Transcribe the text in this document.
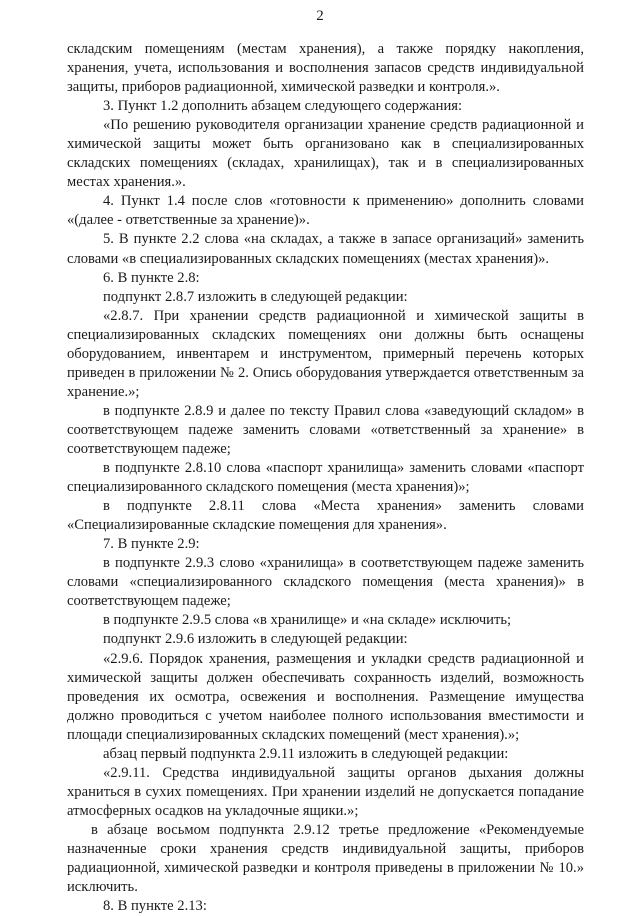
2

складским помещениям (местам хранения), а также порядку накопления, хранения, учета, использования и восполнения запасов средств индивидуальной защиты, приборов радиационной, химической разведки и контроля.».

3. Пункт 1.2 дополнить абзацем следующего содержания:

«По решению руководителя организации хранение средств радиационной и химической защиты может быть организовано как в специализированных складских помещениях (складах, хранилищах), так и в специализированных местах хранения.».

4. Пункт 1.4 после слов «готовности к применению» дополнить словами «(далее - ответственные за хранение)».

5. В пункте 2.2 слова «на складах, а также в запасе организаций» заменить словами «в специализированных складских помещениях (местах хранения)».

6. В пункте 2.8:

подпункт 2.8.7 изложить в следующей редакции:

«2.8.7. При хранении средств радиационной и химической защиты в специализированных складских помещениях они должны быть оснащены оборудованием, инвентарем и инструментом, примерный перечень которых приведен в приложении № 2. Опись оборудования утверждается ответственным за хранение.»;

в подпункте 2.8.9 и далее по тексту Правил слова «заведующий складом» в соответствующем падеже заменить словами «ответственный за хранение» в соответствующем падеже;

в подпункте 2.8.10 слова «паспорт хранилища» заменить словами «паспорт специализированного складского помещения (места хранения)»;

в подпункте 2.8.11 слова «Места хранения» заменить словами «Специализированные складские помещения для хранения».

7. В пункте 2.9:

в подпункте 2.9.3 слово «хранилища» в соответствующем падеже заменить словами «специализированного складского помещения (места хранения)» в соответствующем падеже;

в подпункте 2.9.5 слова «в хранилище» и «на складе» исключить;

подпункт 2.9.6 изложить в следующей редакции:

«2.9.6. Порядок хранения, размещения и укладки средств радиационной и химической защиты должен обеспечивать сохранность изделий, возможность проведения их осмотра, освежения и восполнения. Размещение имущества должно проводиться с учетом наиболее полного использования вместимости и площади специализированных складских помещений (мест хранения).»;

абзац первый подпункта 2.9.11 изложить в следующей редакции:

«2.9.11. Средства индивидуальной защиты органов дыхания должны храниться в сухих помещениях. При хранении изделий не допускается попадание атмосферных осадков на укладочные ящики.»;

в абзаце восьмом подпункта 2.9.12 третье предложение «Рекомендуемые назначенные сроки хранения средств индивидуальной защиты, приборов радиационной, химической разведки и контроля приведены в приложении № 10.» исключить.

8. В пункте 2.13:
